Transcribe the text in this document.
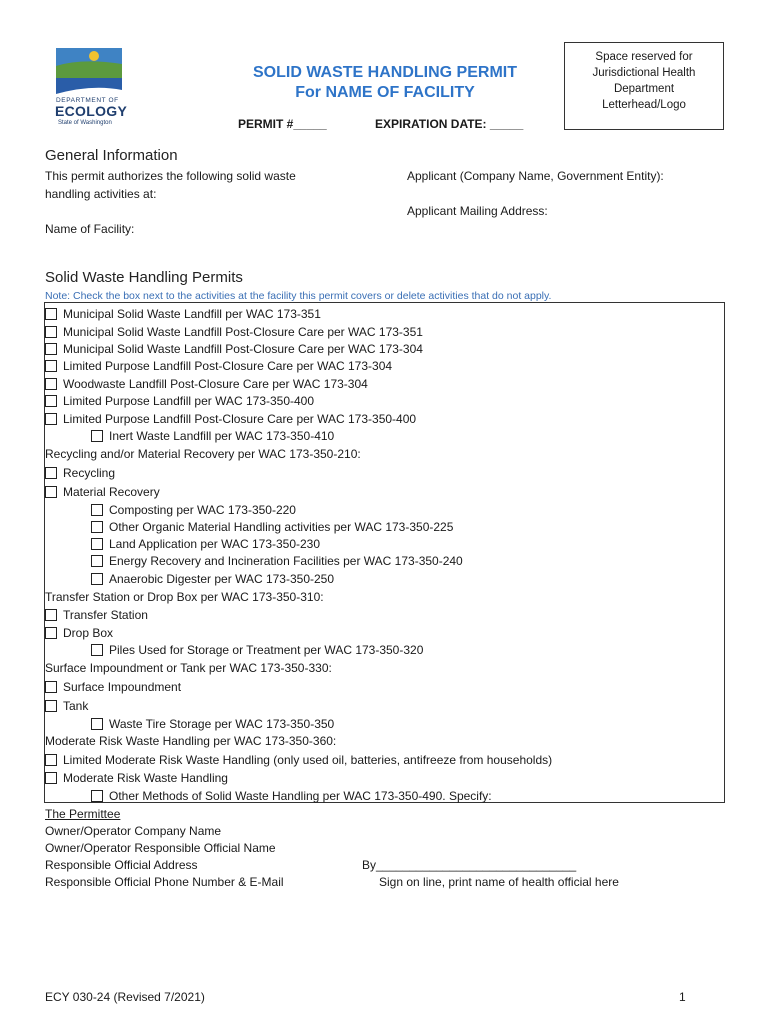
DEPARTMENT OF
ECOLOGY
State of Washington
SOLID WASTE HANDLING PERMIT
For NAME OF FACILITY
PERMIT #_____	EXPIRATION DATE: _____
Space reserved for
Jurisdictional Health
Department
Letterhead/Logo
General Information
This permit authorizes the following solid waste
handling activities at:
Name of Facility:
Applicant (Company Name, Government Entity):
Applicant Mailing Address:
Solid Waste Handling Permits
Note: Check the box next to the activities at the facility this permit covers or delete activities that do not apply.
Municipal Solid Waste Landfill per WAC 173-351
Municipal Solid Waste Landfill Post-Closure Care per WAC 173-351
Municipal Solid Waste Landfill Post-Closure Care per WAC 173-304
Limited Purpose Landfill Post-Closure Care per WAC 173-304
Woodwaste Landfill Post-Closure Care per WAC 173-304
Limited Purpose Landfill per WAC 173-350-400
Limited Purpose Landfill Post-Closure Care per WAC 173-350-400
Inert Waste Landfill per WAC 173-350-410
Recycling and/or Material Recovery per WAC 173-350-210:
Recycling
Material Recovery
Composting per WAC 173-350-220
Other Organic Material Handling activities per WAC 173-350-225
Land Application per WAC 173-350-230
Energy Recovery and Incineration Facilities per WAC 173-350-240
Anaerobic Digester per WAC 173-350-250
Transfer Station or Drop Box per WAC 173-350-310:
Transfer Station
Drop Box
Piles Used for Storage or Treatment per WAC 173-350-320
Surface Impoundment or Tank per WAC 173-350-330:
Surface Impoundment
Tank
Waste Tire Storage per WAC 173-350-350
Moderate Risk Waste Handling per WAC 173-350-360:
Limited Moderate Risk Waste Handling (only used oil, batteries, antifreeze from households)
Moderate Risk Waste Handling
Other Methods of Solid Waste Handling per WAC 173-350-490. Specify:
The Permittee
Owner/Operator Company Name
Owner/Operator Responsible Official Name
Responsible Official Address
Responsible Official Phone Number & E-Mail
By______________________________
Sign on line, print name of health official here
ECY 030-24 (Revised 7/2021)	1
